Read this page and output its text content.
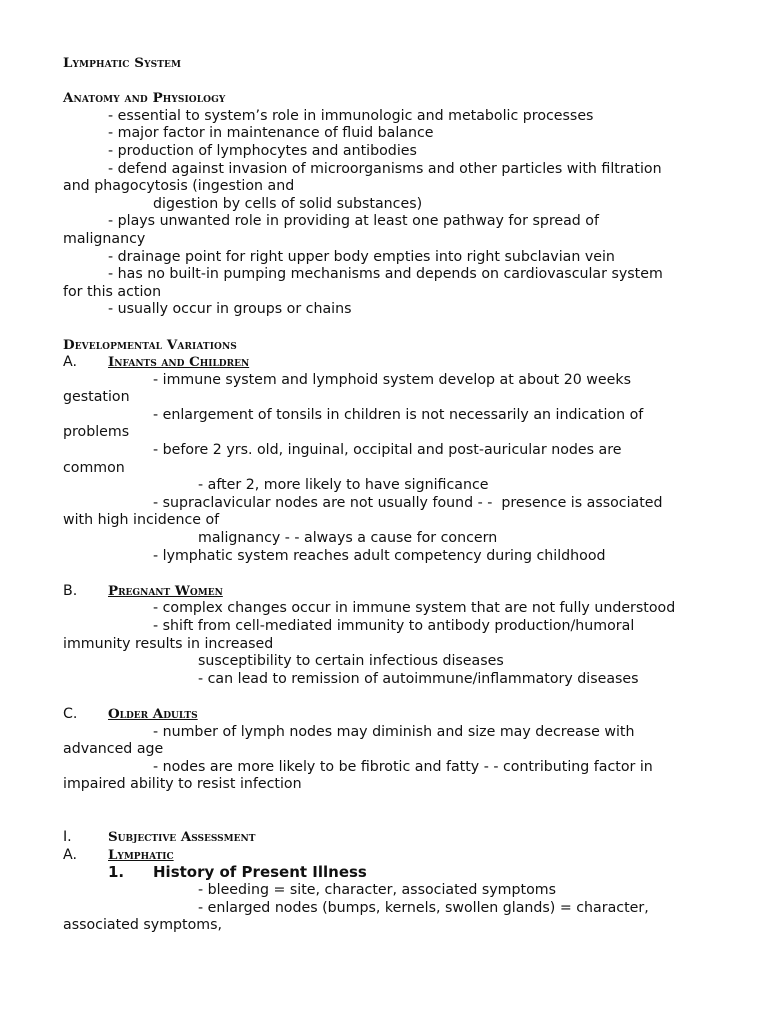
Lymphatic System
Anatomy and Physiology
- essential to system’s role in immunologic and metabolic processes
- major factor in maintenance of fluid balance
- production of lymphocytes and antibodies
- defend against invasion of microorganisms and other particles with filtration
and phagocytosis (ingestion and
digestion by cells of solid substances)
- plays unwanted role in providing at least one pathway for spread of
malignancy
- drainage point for right upper body empties into right subclavian vein
- has no built-in pumping mechanisms and depends on cardiovascular system
for this action
- usually occur in groups or chains
Developmental Variations
A.	Infants and Children
- immune system and lymphoid system develop at about 20 weeks
gestation
- enlargement of tonsils in children is not necessarily an indication of
problems
- before 2 yrs. old, inguinal, occipital and post-auricular nodes are
common
- after 2, more likely to have significance
- supraclavicular nodes are not usually found - -  presence is associated
with high incidence of
malignancy - - always a cause for concern
- lymphatic system reaches adult competency during childhood
B.	Pregnant Women
- complex changes occur in immune system that are not fully understood
- shift from cell-mediated immunity to antibody production/humoral
immunity results in increased
susceptibility to certain infectious diseases
- can lead to remission of autoimmune/inflammatory diseases
C.	Older Adults
- number of lymph nodes may diminish and size may decrease with
advanced age
- nodes are more likely to be fibrotic and fatty - - contributing factor in
impaired ability to resist infection
I.	Subjective Assessment
A.	Lymphatic
1.	History of Present Illness
- bleeding = site, character, associated symptoms
- enlarged nodes (bumps, kernels, swollen glands) = character,
associated symptoms,
